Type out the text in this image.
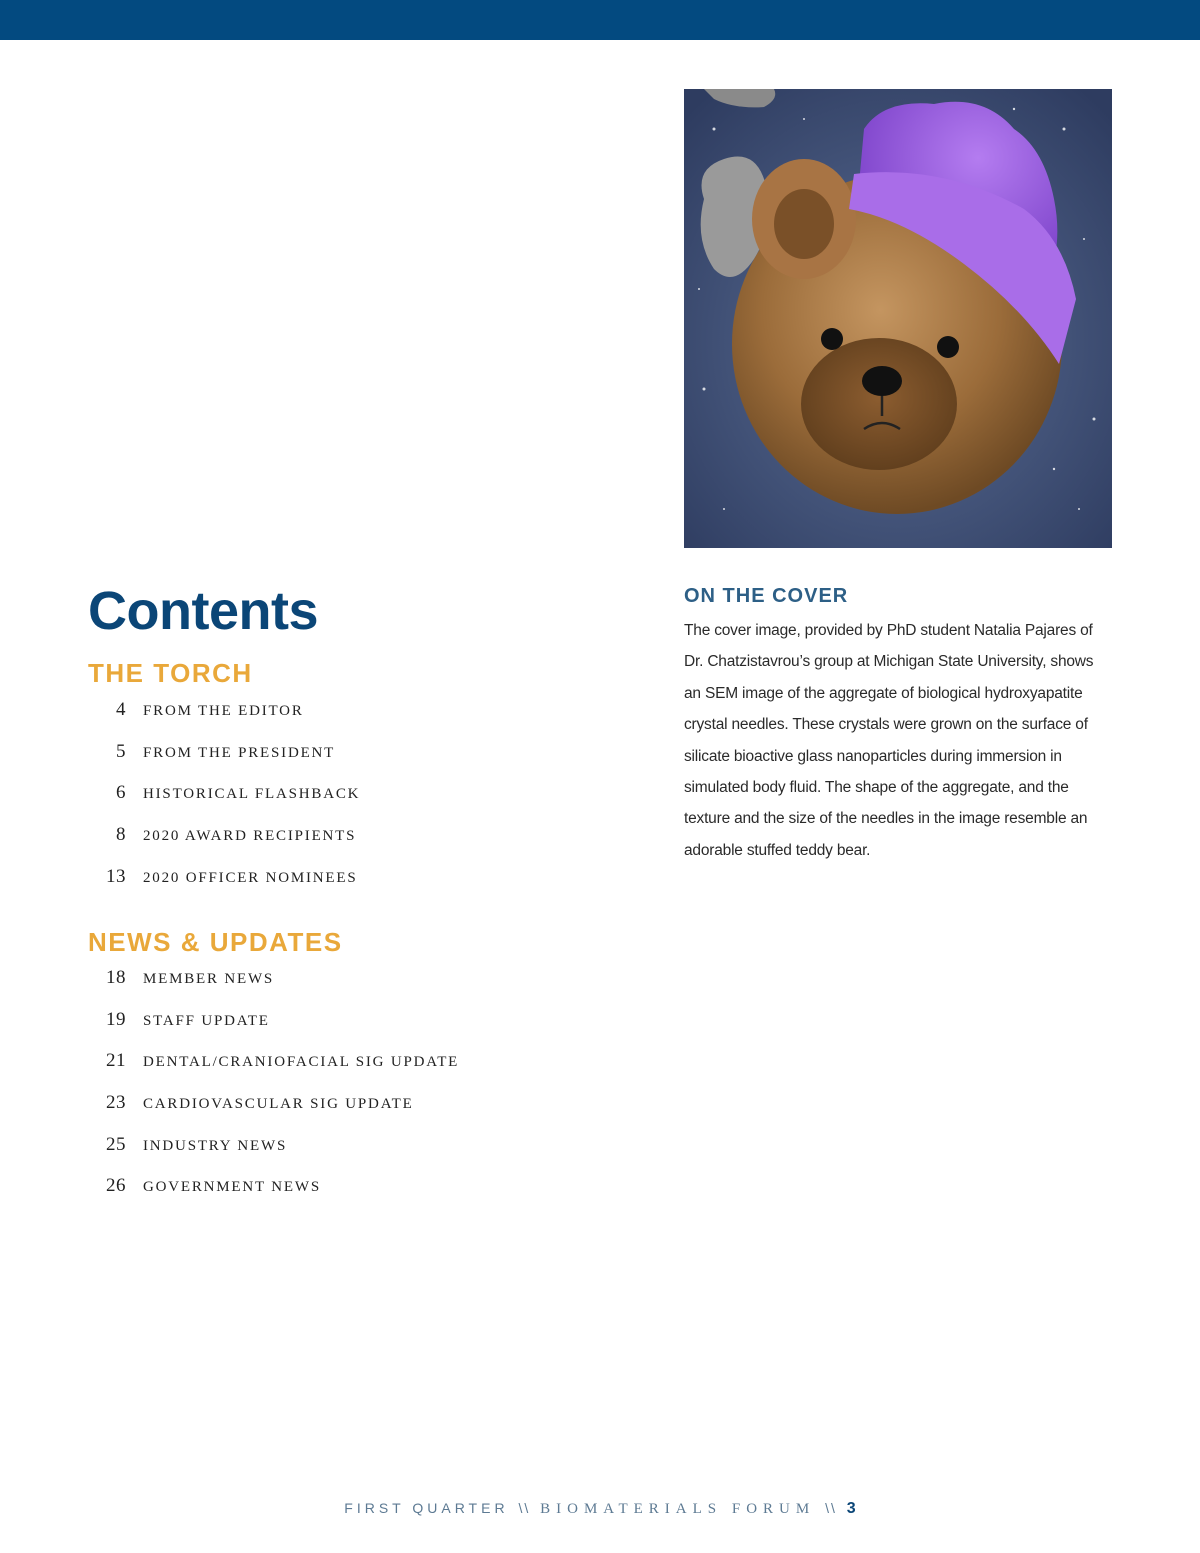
Contents
THE TORCH
4	FROM THE EDITOR
5	FROM THE PRESIDENT
6	HISTORICAL FLASHBACK
8	2020 AWARD RECIPIENTS
13	2020 OFFICER NOMINEES
NEWS & UPDATES
18	MEMBER NEWS
19	STAFF UPDATE
21	DENTAL/CRANIOFACIAL SIG UPDATE
23	CARDIOVASCULAR SIG UPDATE
25	INDUSTRY NEWS
26	GOVERNMENT NEWS
ON THE COVER

The cover image, provided by PhD student Natalia Pajares of Dr. Chatzistavrou’s group at Michigan State University, shows an SEM image of the aggregate of biological hydroxyapatite crystal needles. These crystals were grown on the surface of silicate bioactive glass nanoparticles during immersion in simulated body fluid. The shape of the aggregate, and the texture and the size of the needles in the image resemble an adorable stuffed teddy bear.

FIRST QUARTER \\ BIOMATERIALS FORUM \\ 3
